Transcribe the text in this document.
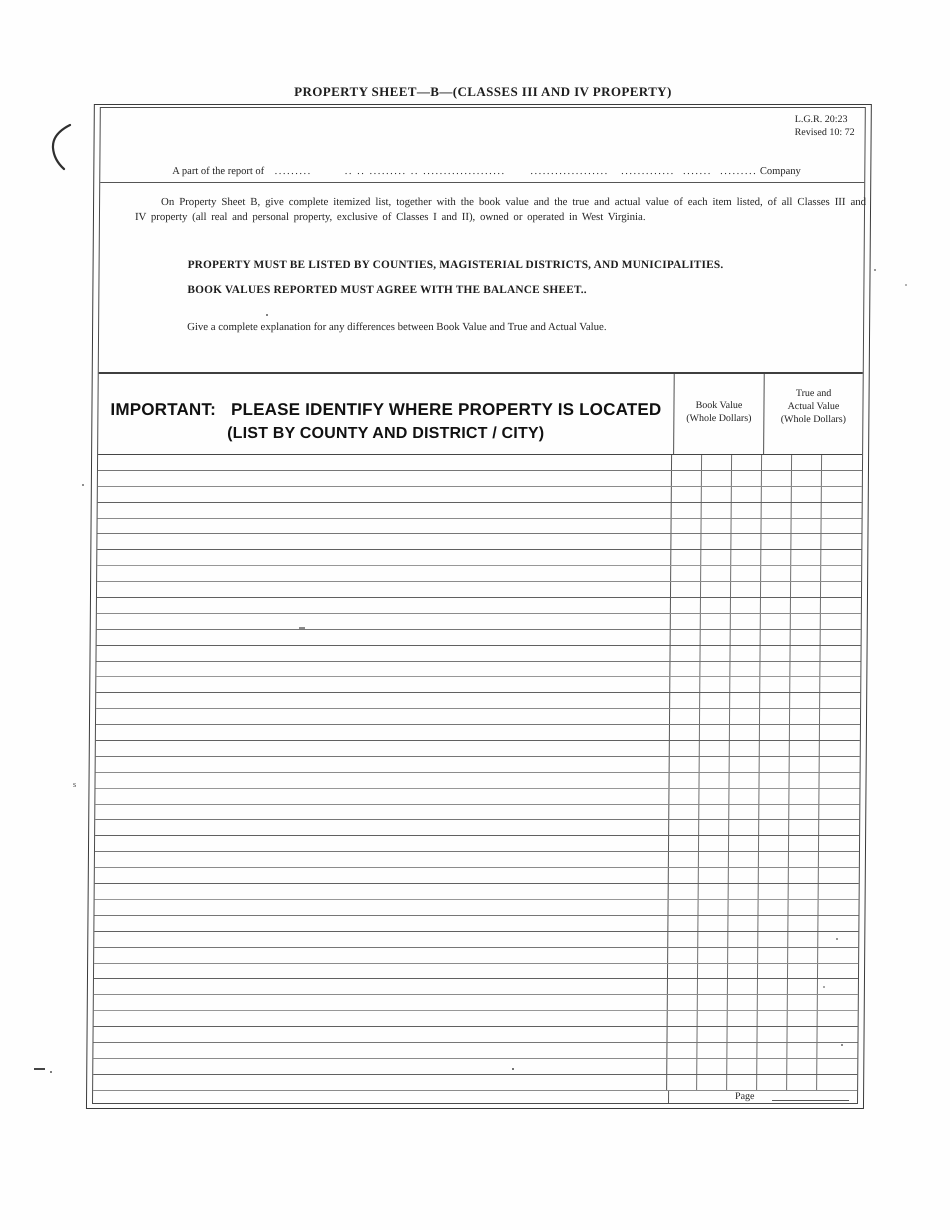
s
PROPERTY SHEET—B—(CLASSES III AND IV PROPERTY)
L.G.R. 20:23
Revised 10: 72
A part of the report of .........        .. .. ......... .. ....................      ...................   .............  .......  ......... Company
On Property Sheet B, give complete itemized list, together with the book value and the true and actual value of each item listed, of all Classes III and IV property (all real and personal property, exclusive of Classes I and II), owned or operated in West Virginia.
PROPERTY MUST BE LISTED BY COUNTIES, MAGISTERIAL DISTRICTS, AND MUNICIPALITIES.
BOOK VALUES REPORTED MUST AGREE WITH THE BALANCE SHEET..
Give a complete explanation for any differences between Book Value and True and Actual Value.
IMPORTANT: PLEASE IDENTIFY WHERE PROPERTY IS LOCATED
(LIST BY COUNTY AND DISTRICT / CITY)
Book Value
(Whole Dollars)
True and
Actual Value
(Whole Dollars)
Page
